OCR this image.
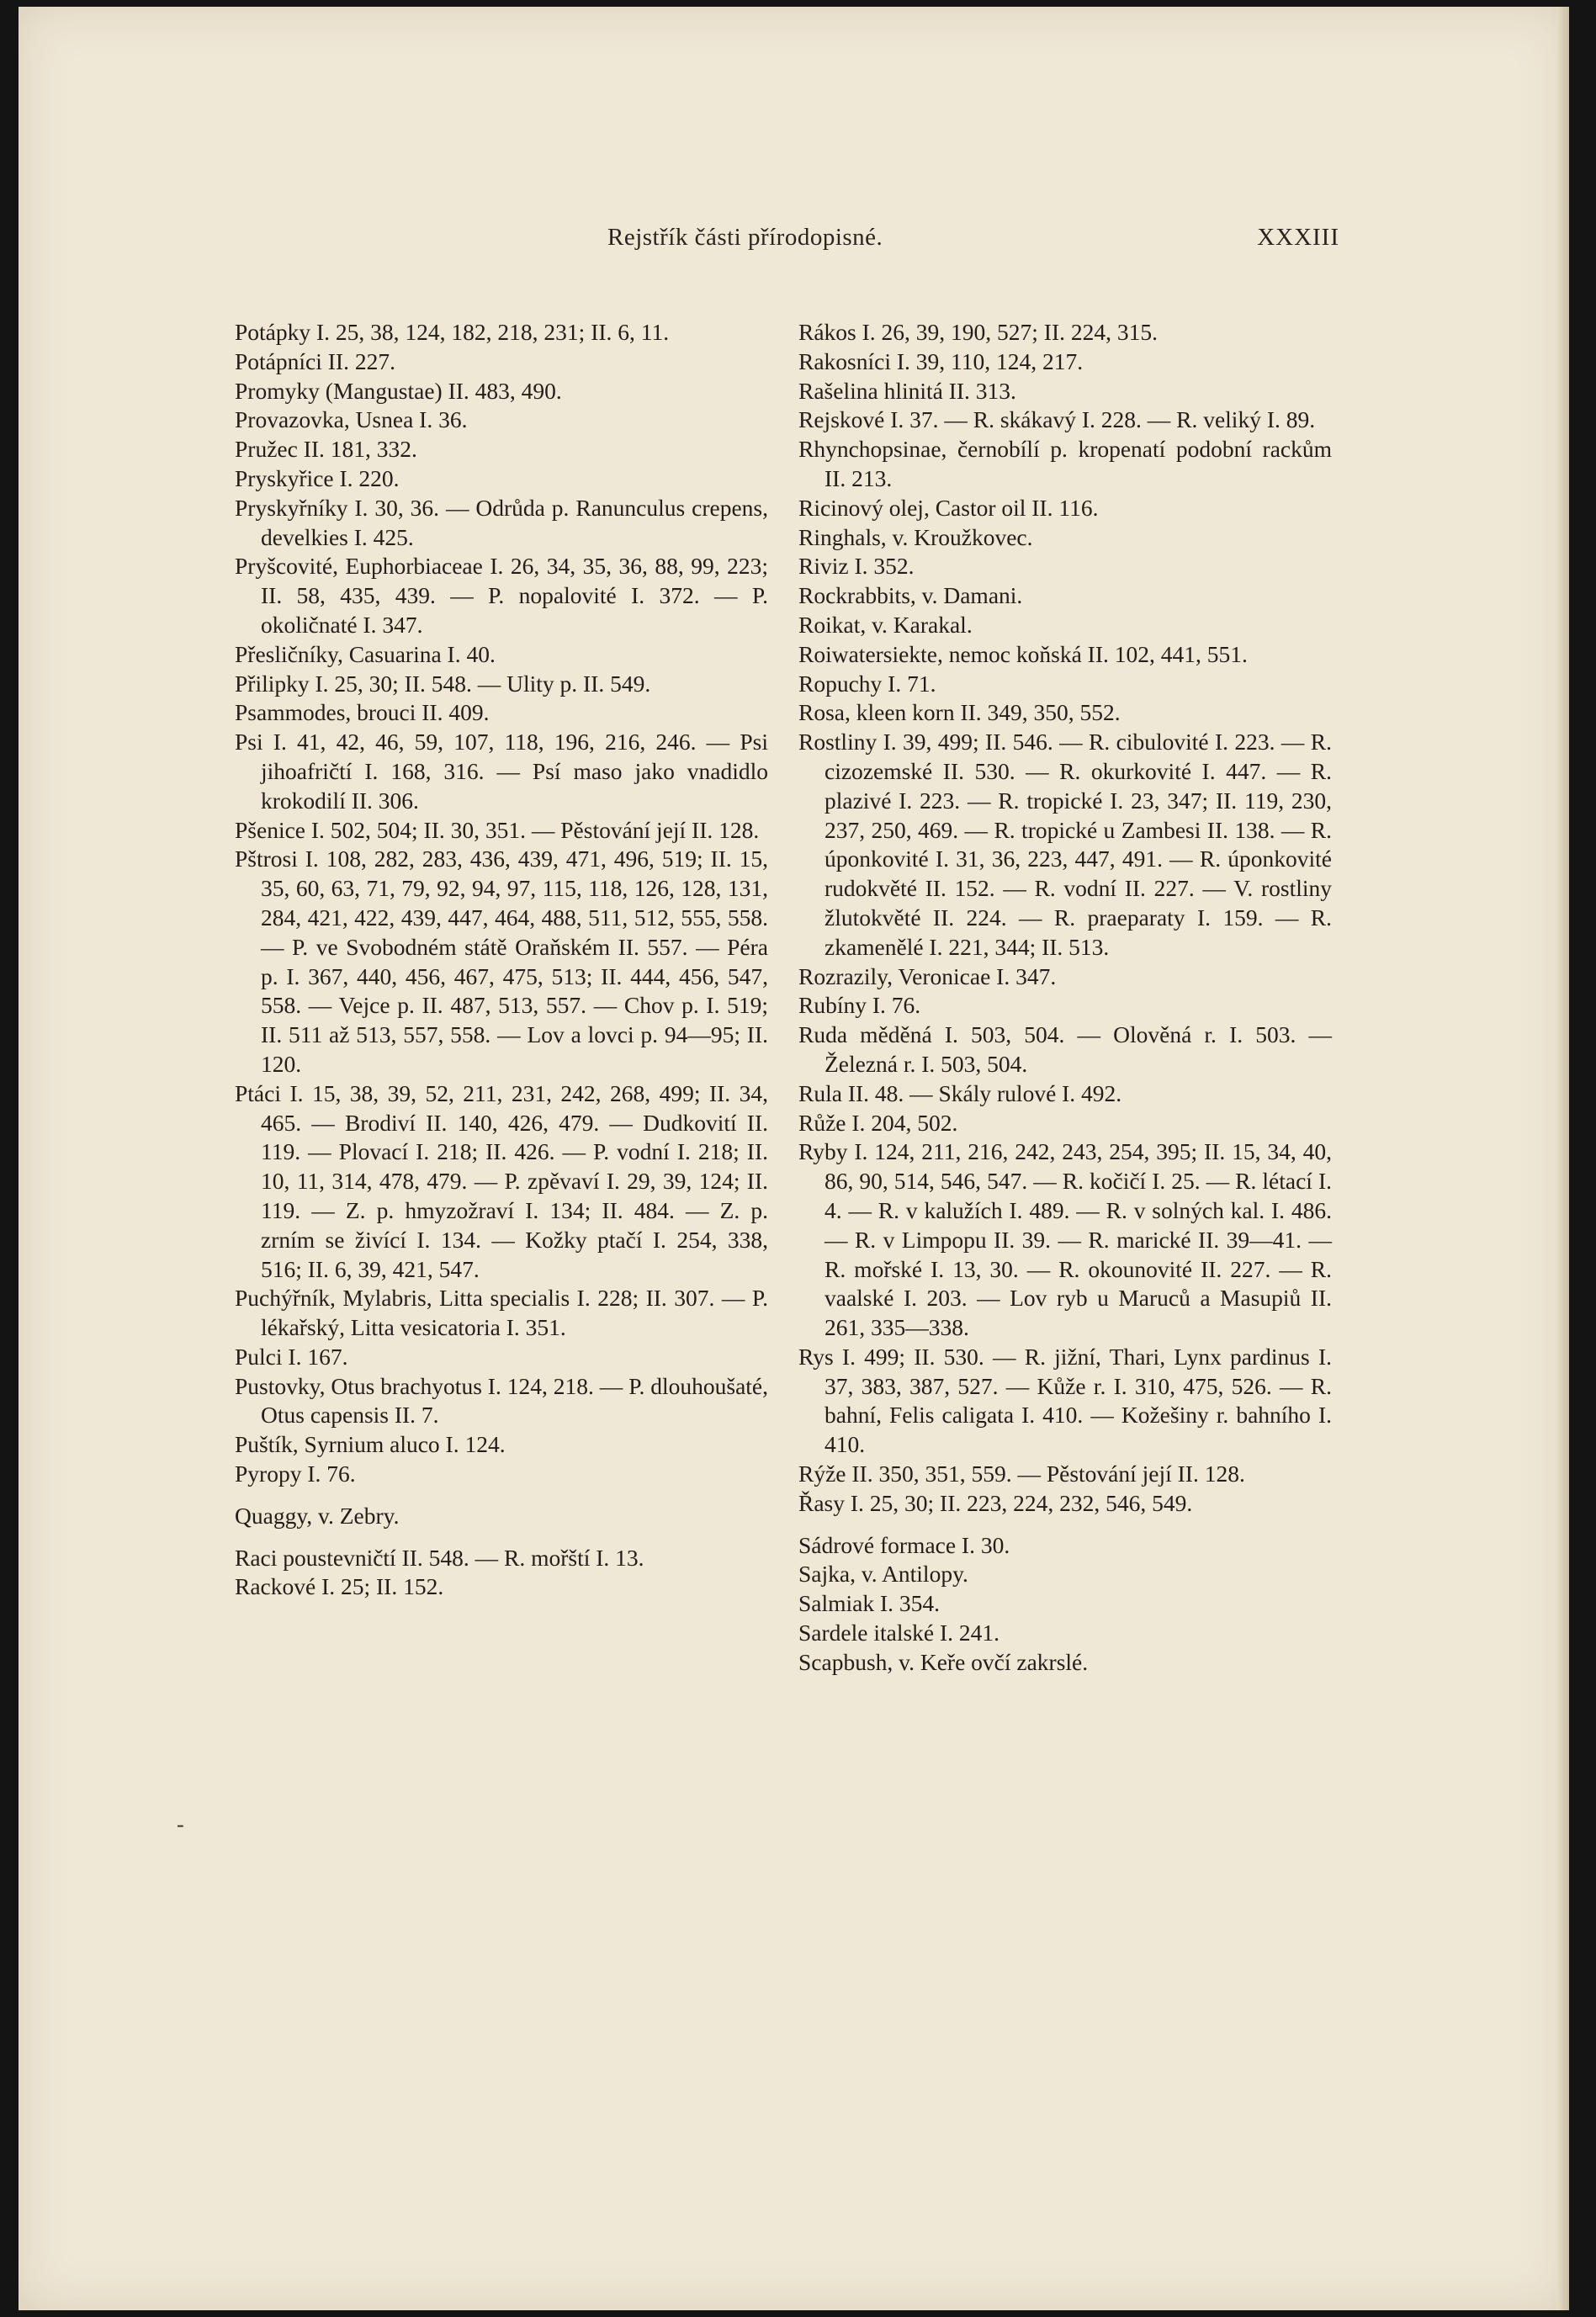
Rejstřík části přírodopisné.	XXXIII
-

Potápky I. 25, 38, 124, 182, 218, 231; II. 6, 11.

Potápníci II. 227.

Promyky (Mangustae) II. 483, 490.

Provazovka, Usnea I. 36.

Pružec II. 181, 332.

Pryskyřice I. 220.

Pryskyřníky I. 30, 36. — Odrůda p. Ranunculus crepens, develkies I. 425.

Pryšcovité, Euphorbiaceae I. 26, 34, 35, 36, 88, 99, 223; II. 58, 435, 439. — P. nopalovité I. 372. — P. okoličnaté I. 347.

Přesličníky, Casuarina I. 40.

Přilipky I. 25, 30; II. 548. — Ulity p. II. 549.

Psammodes, brouci II. 409.

Psi I. 41, 42, 46, 59, 107, 118, 196, 216, 246. — Psi jihoafričtí I. 168, 316. — Psí maso jako vnadidlo krokodilí II. 306.

Pšenice I. 502, 504; II. 30, 351. — Pěstování její II. 128.

Pštrosi I. 108, 282, 283, 436, 439, 471, 496, 519; II. 15, 35, 60, 63, 71, 79, 92, 94, 97, 115, 118, 126, 128, 131, 284, 421, 422, 439, 447, 464, 488, 511, 512, 555, 558. — P. ve Svobodném státě Oraňském II. 557. — Péra p. I. 367, 440, 456, 467, 475, 513; II. 444, 456, 547, 558. — Vejce p. II. 487, 513, 557. — Chov p. I. 519; II. 511 až 513, 557, 558. — Lov a lovci p. 94—95; II. 120.

Ptáci I. 15, 38, 39, 52, 211, 231, 242, 268, 499; II. 34, 465. — Brodiví II. 140, 426, 479. — Dudkovití II. 119. — Plovací I. 218; II. 426. — P. vodní I. 218; II. 10, 11, 314, 478, 479. — P. zpěvaví I. 29, 39, 124; II. 119. — Z. p. hmyzožraví I. 134; II. 484. — Z. p. zrním se živící I. 134. — Kožky ptačí I. 254, 338, 516; II. 6, 39, 421, 547.

Puchýřník, Mylabris, Litta specialis I. 228; II. 307. — P. lékařský, Litta vesicatoria I. 351.

Pulci I. 167.

Pustovky, Otus brachyotus I. 124, 218. — P. dlouhoušaté, Otus capensis II. 7.

Puštík, Syrnium aluco I. 124.

Pyropy I. 76.

Quaggy, v. Zebry.

Raci poustevničtí II. 548. — R. mořští I. 13.

Rackové I. 25; II. 152.

Rákos I. 26, 39, 190, 527; II. 224, 315.

Rakosníci I. 39, 110, 124, 217.

Rašelina hlinitá II. 313.

Rejskové I. 37. — R. skákavý I. 228. — R. veliký I. 89.

Rhynchopsinae, černobílí p. kropenatí podobní rackům II. 213.

Ricinový olej, Castor oil II. 116.

Ringhals, v. Kroužkovec.

Riviz I. 352.

Rockrabbits, v. Damani.

Roikat, v. Karakal.

Roiwatersiekte, nemoc koňská II. 102, 441, 551.

Ropuchy I. 71.

Rosa, kleen korn II. 349, 350, 552.

Rostliny I. 39, 499; II. 546. — R. cibulovité I. 223. — R. cizozemské II. 530. — R. okurkovité I. 447. — R. plazivé I. 223. — R. tropické I. 23, 347; II. 119, 230, 237, 250, 469. — R. tropické u Zambesi II. 138. — R. úponkovité I. 31, 36, 223, 447, 491. — R. úponkovité rudokvěté II. 152. — R. vodní II. 227. — V. rostliny žlutokvěté II. 224. — R. praeparaty I. 159. — R. zkamenělé I. 221, 344; II. 513.

Rozrazily, Veronicae I. 347.

Rubíny I. 76.

Ruda měděná I. 503, 504. — Olověná r. I. 503. — Železná r. I. 503, 504.

Rula II. 48. — Skály rulové I. 492.

Růže I. 204, 502.

Ryby I. 124, 211, 216, 242, 243, 254, 395; II. 15, 34, 40, 86, 90, 514, 546, 547. — R. kočičí I. 25. — R. létací I. 4. — R. v kalužích I. 489. — R. v solných kal. I. 486. — R. v Limpopu II. 39. — R. marické II. 39—41. — R. mořské I. 13, 30. — R. okounovité II. 227. — R. vaalské I. 203. — Lov ryb u Maruců a Masupiů II. 261, 335—338.

Rys I. 499; II. 530. — R. jižní, Thari, Lynx pardinus I. 37, 383, 387, 527. — Kůže r. I. 310, 475, 526. — R. bahní, Felis caligata I. 410. — Kožešiny r. bahního I. 410.

Rýže II. 350, 351, 559. — Pěstování její II. 128.

Řasy I. 25, 30; II. 223, 224, 232, 546, 549.

Sádrové formace I. 30.

Sajka, v. Antilopy.

Salmiak I. 354.

Sardele italské I. 241.

Scapbush, v. Keře ovčí zakrslé.
